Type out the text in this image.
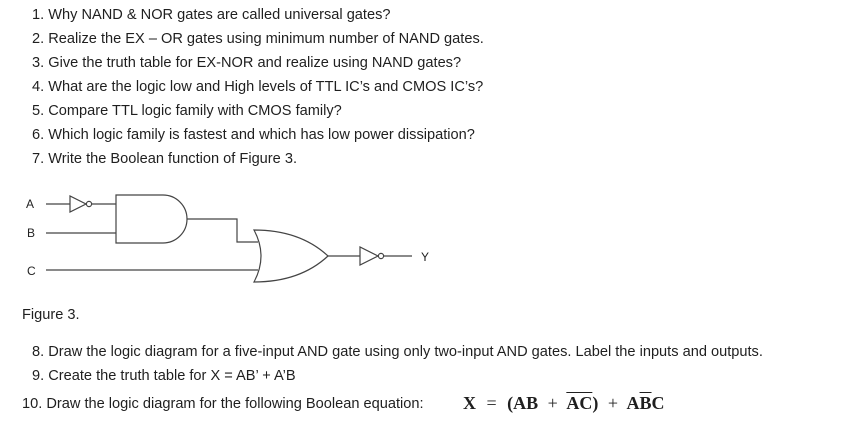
1. Why NAND & NOR gates are called universal gates?
2. Realize the EX – OR gates using minimum number of NAND gates.
3. Give the truth table for EX-NOR and realize using NAND gates?
4. What are the logic low and High levels of TTL IC’s and CMOS IC’s?
5. Compare TTL logic family with CMOS family?
6. Which logic family is fastest and which has low power dissipation?
7. Write the Boolean function of Figure 3.
A
B
C
Y
Figure 3.
8. Draw the logic diagram for a five-input AND gate using only two-input AND gates. Label the inputs and outputs.
9. Create the truth table for X = AB’ + A’B
10. Draw the logic diagram for the following Boolean equation: $X = (AB + \overline{AC}) + A\overline{B}C$
